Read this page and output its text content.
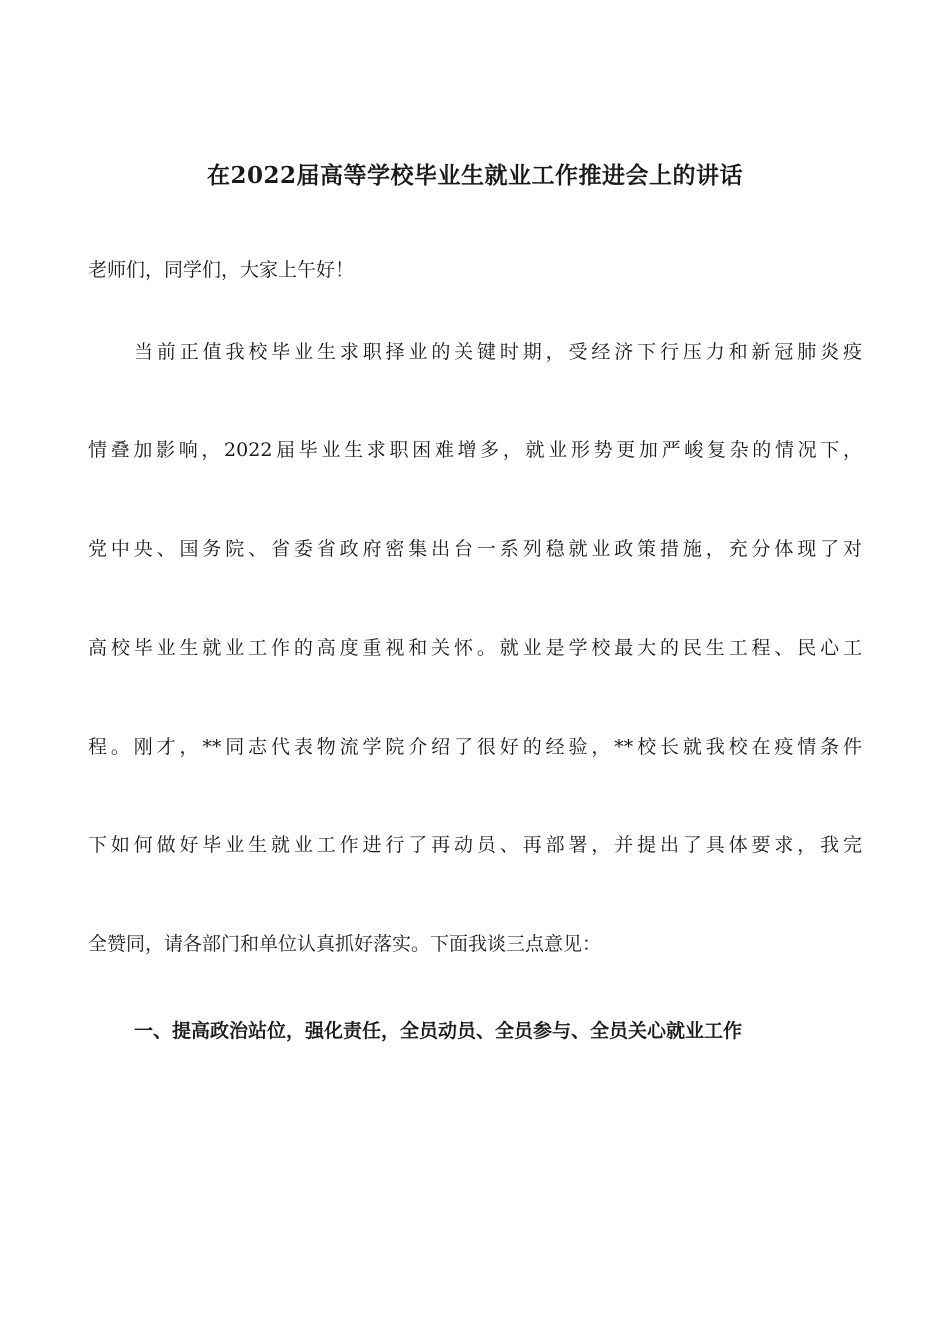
在2022届高等学校毕业生就业工作推进会上的讲话
老师们，同学们，大家上午好！
当前正值我校毕业生求职择业的关键时期，受经济下行压力和新冠肺炎疫
情叠加影响，2022届毕业生求职困难增多，就业形势更加严峻复杂的情况下，
党中央、国务院、省委省政府密集出台一系列稳就业政策措施，充分体现了对
高校毕业生就业工作的高度重视和关怀。就业是学校最大的民生工程、民心工
程。刚才，**同志代表物流学院介绍了很好的经验，**校长就我校在疫情条件
下如何做好毕业生就业工作进行了再动员、再部署，并提出了具体要求，我完
全赞同，请各部门和单位认真抓好落实。下面我谈三点意见：
一、提高政治站位，强化责任，全员动员、全员参与、全员关心就业工作
